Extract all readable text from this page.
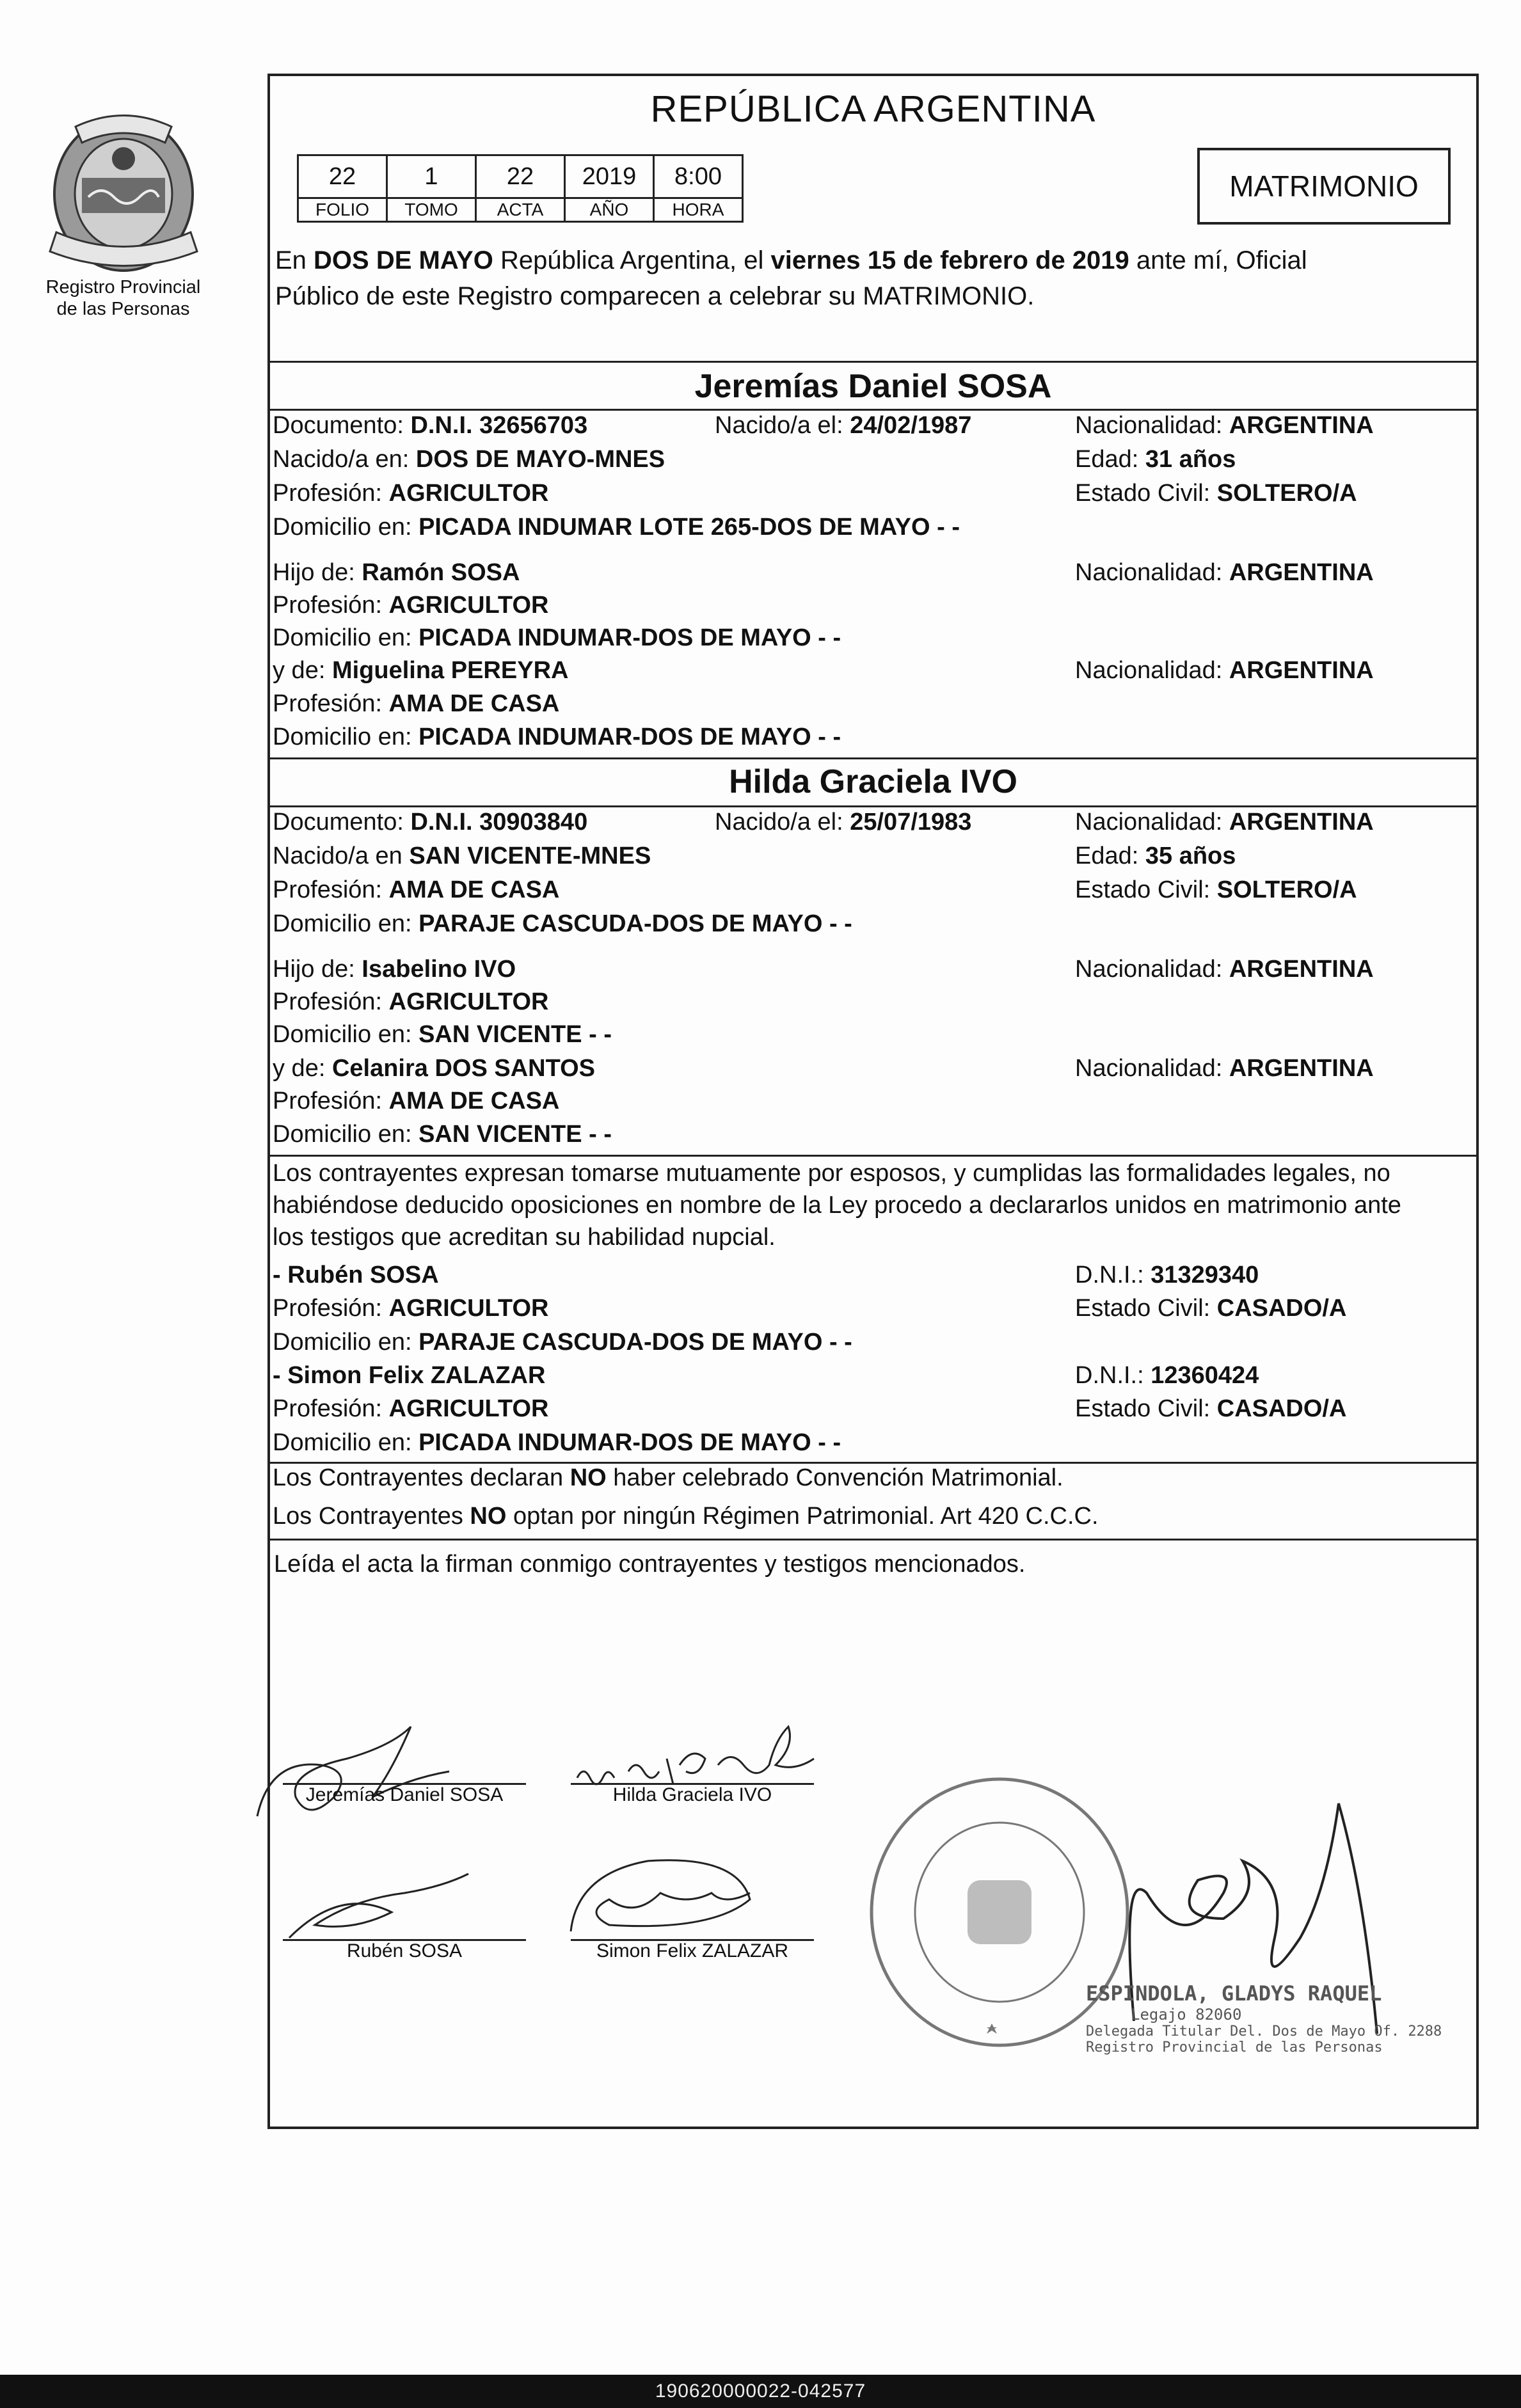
Registro Provincial
de las Personas
REPÚBLICA ARGENTINA
22	1	22	2019	8:00
FOLIO	TOMO	ACTA	AÑO	HORA
MATRIMONIO
En DOS DE MAYO República Argentina, el viernes 15 de febrero de 2019 ante mí, Oficial
Público de este Registro comparecen a celebrar su MATRIMONIO.
Jeremías Daniel SOSA
Documento: D.N.I. 32656703	Nacido/a el: 24/02/1987	Nacionalidad: ARGENTINA
Nacido/a en: DOS DE MAYO-MNES	Edad: 31 años
Profesión: AGRICULTOR	Estado Civil: SOLTERO/A
Domicilio en: PICADA INDUMAR LOTE 265-DOS DE MAYO - -
Hijo de: Ramón SOSA	Nacionalidad: ARGENTINA
Profesión: AGRICULTOR
Domicilio en: PICADA INDUMAR-DOS DE MAYO - -
y de: Miguelina PEREYRA	Nacionalidad: ARGENTINA
Profesión: AMA DE CASA
Domicilio en: PICADA INDUMAR-DOS DE MAYO - -
Hilda Graciela IVO
Documento: D.N.I. 30903840	Nacido/a el: 25/07/1983	Nacionalidad: ARGENTINA
Nacido/a en SAN VICENTE-MNES	Edad: 35 años
Profesión: AMA DE CASA	Estado Civil: SOLTERO/A
Domicilio en: PARAJE CASCUDA-DOS DE MAYO - -
Hijo de: Isabelino IVO	Nacionalidad: ARGENTINA
Profesión: AGRICULTOR
Domicilio en: SAN VICENTE - -
y de: Celanira DOS SANTOS	Nacionalidad: ARGENTINA
Profesión: AMA DE CASA
Domicilio en: SAN VICENTE - -
Los contrayentes expresan tomarse mutuamente por esposos, y cumplidas las formalidades legales, no
habiéndose deducido oposiciones en nombre de la Ley procedo a declararlos unidos en matrimonio ante
los testigos que acreditan su habilidad nupcial.
- Rubén SOSA	D.N.I.: 31329340
Profesión: AGRICULTOR	Estado Civil: CASADO/A
Domicilio en: PARAJE CASCUDA-DOS DE MAYO - -
- Simon Felix ZALAZAR	D.N.I.: 12360424
Profesión: AGRICULTOR	Estado Civil: CASADO/A
Domicilio en: PICADA INDUMAR-DOS DE MAYO - -
Los Contrayentes declaran NO haber celebrado Convención Matrimonial.
Los Contrayentes NO optan por ningún Régimen Patrimonial. Art 420 C.C.C.
Leída el acta la firman conmigo contrayentes y testigos mencionados.
Jeremías Daniel SOSA	Hilda Graciela IVO
Rubén SOSA	Simon Felix ZALAZAR
ESPINDOLA, GLADYS RAQUEL
Legajo 82060
Delegada Titular Del. Dos de Mayo Of. 2288
Registro Provincial de las Personas
190620000022-042577
